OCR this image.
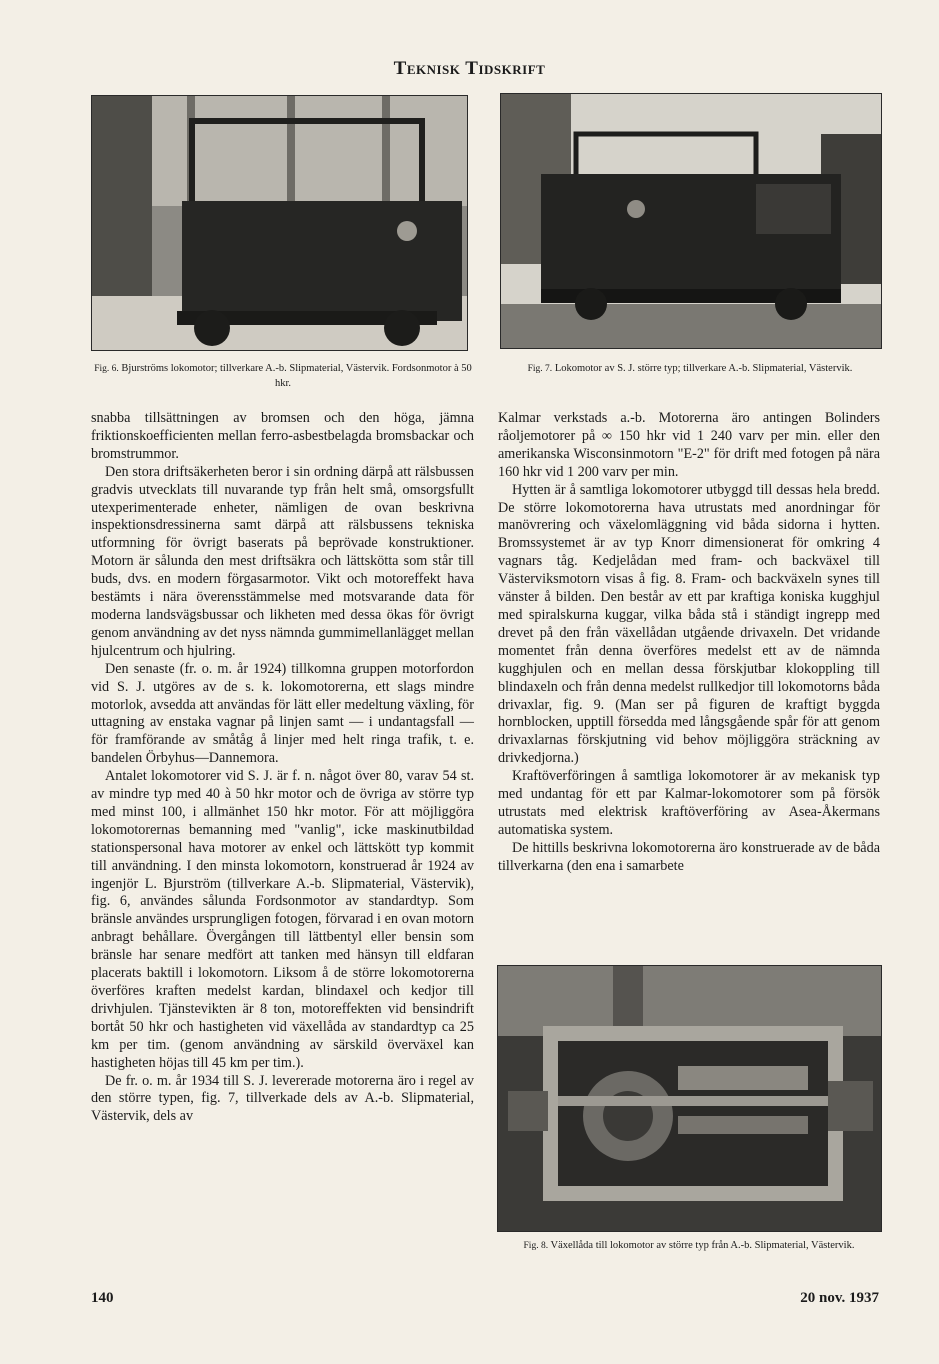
Teknisk Tidskrift
Fig. 6. Bjurströms lokomotor; tillverkare A.-b. Slipmaterial, Västervik. Fordsonmotor à 50 hkr.
Fig. 7. Lokomotor av S. J. större typ; tillverkare A.-b. Slipmaterial, Västervik.

snabba tillsättningen av bromsen och den höga, jämna friktionskoefficienten mellan ferro-asbestbelagda bromsbackar och bromstrummor.

Den stora driftsäkerheten beror i sin ordning därpå att rälsbussen gradvis utvecklats till nuvarande typ från helt små, omsorgsfullt utexperimenterade enheter, nämligen de ovan beskrivna inspektionsdressinerna samt därpå att rälsbussens tekniska utformning för övrigt baserats på beprövade konstruktioner. Motorn är sålunda den mest driftsäkra och lättskötta som står till buds, dvs. en modern förgasarmotor. Vikt och motoreffekt hava bestämts i nära överensstämmelse med motsvarande data för moderna landsvägsbussar och likheten med dessa ökas för övrigt genom användning av det nyss nämnda gummimellanlägget mellan hjulcentrum och hjulring.

Den senaste (fr. o. m. år 1924) tillkomna gruppen motorfordon vid S. J. utgöres av de s. k. lokomotorerna, ett slags mindre motorlok, avsedda att användas för lätt eller medeltung växling, för uttagning av enstaka vagnar på linjen samt — i undantagsfall — för framförande av småtåg å linjer med helt ringa trafik, t. e. bandelen Örbyhus—Dannemora.

Antalet lokomotorer vid S. J. är f. n. något över 80, varav 54 st. av mindre typ med 40 à 50 hkr motor och de övriga av större typ med minst 100, i allmänhet 150 hkr motor. För att möjliggöra lokomotorernas bemanning med "vanlig", icke maskinutbildad stationspersonal hava motorer av enkel och lättskött typ kommit till användning. I den minsta lokomotorn, konstruerad år 1924 av ingenjör L. Bjurström (tillverkare A.-b. Slipmaterial, Västervik), fig. 6, användes sålunda Fordsonmotor av standardtyp. Som bränsle användes ursprungligen fotogen, förvarad i en ovan motorn anbragt behållare. Övergången till lättbentyl eller bensin som bränsle har senare medfört att tanken med hänsyn till eldfaran placerats baktill i lokomotorn. Liksom å de större lokomotorerna överföres kraften medelst kardan, blindaxel och kedjor till drivhjulen. Tjänstevikten är 8 ton, motoreffekten vid bensindrift bortåt 50 hkr och hastigheten vid växellåda av standardtyp ca 25 km per tim. (genom användning av särskild överväxel kan hastigheten höjas till 45 km per tim.).

De fr. o. m. år 1934 till S. J. levererade motorerna äro i regel av den större typen, fig. 7, tillverkade dels av A.-b. Slipmaterial, Västervik, dels av

Kalmar verkstads a.-b. Motorerna äro antingen Bolinders råoljemotorer på ∞ 150 hkr vid 1 240 varv per min. eller den amerikanska Wisconsinmotorn "E-2" för drift med fotogen på nära 160 hkr vid 1 200 varv per min.

Hytten är å samtliga lokomotorer utbyggd till dessas hela bredd. De större lokomotorerna hava utrustats med anordningar för manövrering och växelomläggning vid båda sidorna i hytten. Bromssystemet är av typ Knorr dimensionerat för omkring 4 vagnars tåg. Kedjelådan med fram- och backväxel till Västerviksmotorn visas å fig. 8. Fram- och backväxeln synes till vänster å bilden. Den består av ett par kraftiga koniska kugghjul med spiralskurna kuggar, vilka båda stå i ständigt ingrepp med drevet på den från växellådan utgående drivaxeln. Det vridande momentet från denna överföres medelst ett av de nämnda kugghjulen och en mellan dessa förskjutbar klokoppling till blindaxeln och från denna medelst rullkedjor till lokomotorns båda drivaxlar, fig. 9. (Man ser på figuren de kraftigt byggda hornblocken, upptill försedda med långsgående spår för att genom drivaxlarnas förskjutning vid behov möjliggöra sträckning av drivkedjorna.)

Kraftöverföringen å samtliga lokomotorer är av mekanisk typ med undantag för ett par Kalmar-lokomotorer som på försök utrustats med elektrisk kraftöverföring av Asea-Åkermans automatiska system.

De hittills beskrivna lokomotorerna äro konstruerade av de båda tillverkarna (den ena i samarbete

Fig. 8. Växellåda till lokomotor av större typ från A.-b. Slipmaterial, Västervik.
140	20 nov. 1937
